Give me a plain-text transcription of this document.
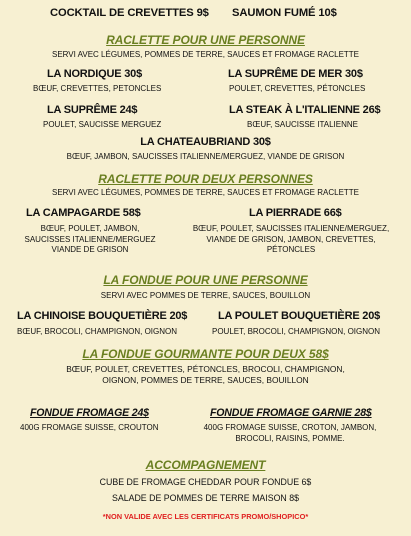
COCKTAIL DE CREVETTES 9$ SAUMON FUMÉ 10$
RACLETTE POUR UNE PERSONNE
SERVI AVEC LÉGUMES, POMMES DE TERRE, SAUCES ET FROMAGE RACLETTE
LA NORDIQUE 30$
BŒUF, CREVETTES, PETONCLES
LA SUPRÊME DE MER 30$
POULET, CREVETTES, PÉTONCLES
LA SUPRÊME 24$
POULET, SAUCISSE MERGUEZ
LA STEAK À L'ITALIENNE 26$
BŒUF, SAUCISSE ITALIENNE
LA CHATEAUBRIAND 30$
BŒUF, JAMBON, SAUCISSES ITALIENNE/MERGUEZ, VIANDE DE GRISON
RACLETTE POUR DEUX PERSONNES
SERVI AVEC LÉGUMES, POMMES DE TERRE, SAUCES ET FROMAGE RACLETTE
LA CAMPAGARDE 58$
BŒUF, POULET, JAMBON,
SAUCISSES ITALIENNE/MERGUEZ
VIANDE DE GRISON
LA PIERRADE 66$
BŒUF, POULET, SAUCISSES ITALIENNE/MERGUEZ,
VIANDE DE GRISON, JAMBON, CREVETTES,
PÉTONCLES
LA FONDUE POUR UNE PERSONNE
SERVI AVEC POMMES DE TERRE, SAUCES, BOUILLON
LA CHINOISE BOUQUETIÈRE 20$
BŒUF, BROCOLI, CHAMPIGNON, OIGNON
LA POULET BOUQUETIÈRE 20$
POULET, BROCOLI, CHAMPIGNON, OIGNON
LA FONDUE GOURMANTE POUR DEUX 58$
BŒUF, POULET, CREVETTES, PÉTONCLES, BROCOLI, CHAMPIGNON,
OIGNON, POMMES DE TERRE, SAUCES, BOUILLON
FONDUE FROMAGE 24$
400G FROMAGE SUISSE, CROUTON
FONDUE FROMAGE GARNIE 28$
400G FROMAGE SUISSE, CROTON, JAMBON,
BROCOLI, RAISINS, POMME.
ACCOMPAGNEMENT
CUBE DE FROMAGE CHEDDAR POUR FONDUE 6$
SALADE DE POMMES DE TERRE MAISON 8$
*NON VALIDE AVEC LES CERTIFICATS PROMO/SHOPICO*
